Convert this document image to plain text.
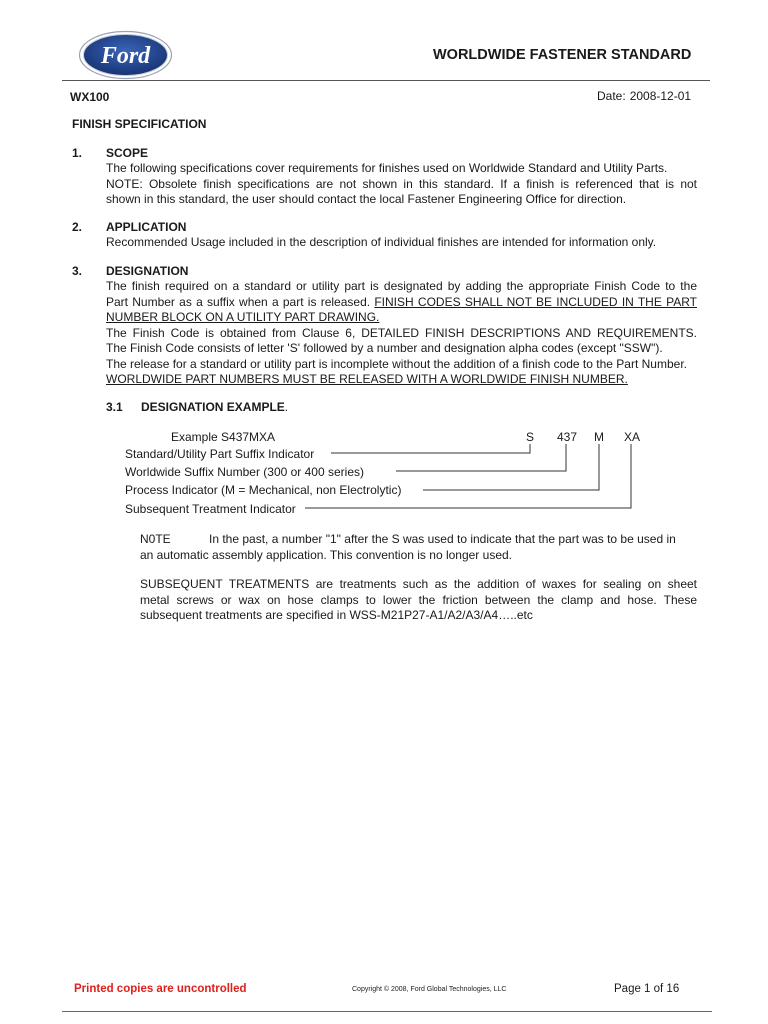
Ford	WORLDWIDE FASTENER STANDARD
WX100	Date: 2008-12-01
FINISH SPECIFICATION
1. SCOPE

The following specifications cover requirements for finishes used on Worldwide Standard and Utility Parts.

NOTE: Obsolete finish specifications are not shown in this standard. If a finish is referenced that is not

shown in this standard, the user should contact the local Fastener Engineering Office for direction.

2. APPLICATION

Recommended Usage included in the description of individual finishes are intended for information only.

3. DESIGNATION

The finish required on a standard or utility part is designated by adding the appropriate Finish Code to the

Part Number as a suffix when a part is released. FINISH CODES SHALL NOT BE INCLUDED IN THE PART

NUMBER BLOCK ON A UTILITY PART DRAWING.

The Finish Code is obtained from Clause 6, DETAILED FINISH DESCRIPTIONS AND REQUIREMENTS.

The Finish Code consists of letter 'S' followed by a number and designation alpha codes (except "SSW").

The release for a standard or utility part is incomplete without the addition of a finish code to the Part Number.

WORLDWIDE PART NUMBERS MUST BE RELEASED WITH A WORLDWIDE FINISH NUMBER.

3.1 DESIGNATION EXAMPLE.
Example S437MXA	S 437 M XA
Standard/Utility Part Suffix Indicator
Worldwide Suffix Number (300 or 400 series)
Process Indicator (M = Mechanical, non Electrolytic)
Subsequent Treatment Indicator

N0TE	In the past, a number "1" after the S was used to indicate that the part was to be used in

an automatic assembly application. This convention is no longer used.

SUBSEQUENT TREATMENTS are treatments such as the addition of waxes for sealing on sheet

metal screws or wax on hose clamps to lower the friction between the clamp and hose. These

subsequent treatments are specified in WSS-M21P27-A1/A2/A3/A4…..etc

Printed copies are uncontrolled	Copyright © 2008, Ford Global Technologies, LLC	Page 1 of 16
